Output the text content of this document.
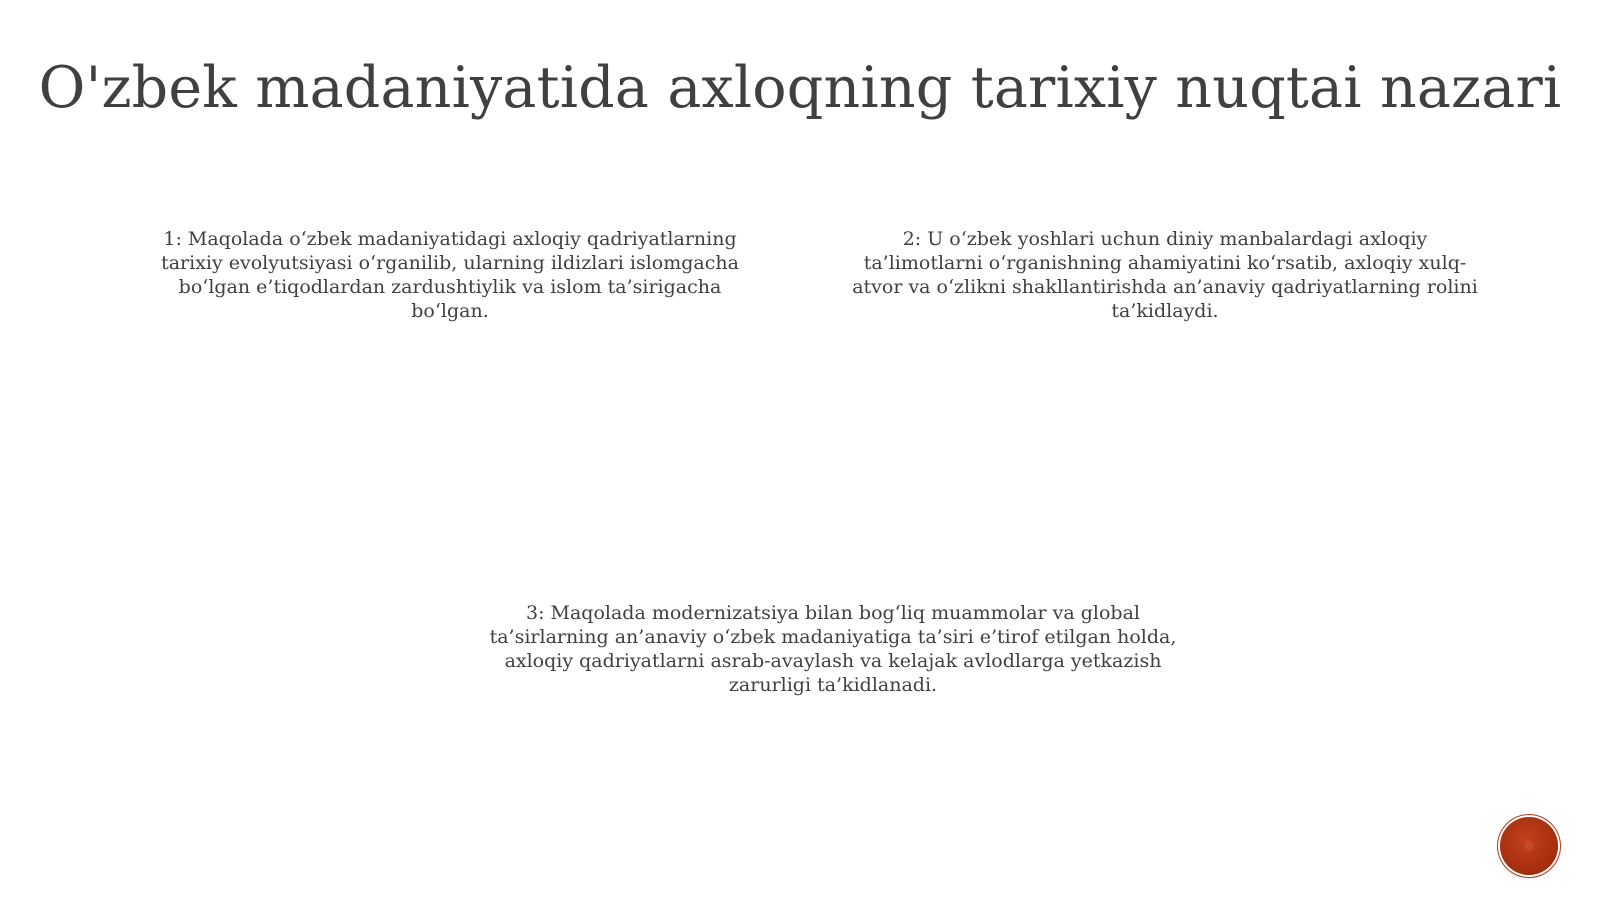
O'zbek madaniyatida axloqning tarixiy nuqtai nazari
1: Maqolada o‘zbek madaniyatidagi axloqiy qadriyatlarning tarixiy evolyutsiyasi o‘rganilib, ularning ildizlari islomgacha bo‘lgan e’tiqodlardan zardushtiylik va islom ta’sirigacha bo‘lgan.
2: U o‘zbek yoshlari uchun diniy manbalardagi axloqiy ta’limotlarni o‘rganishning ahamiyatini ko‘rsatib, axloqiy xulq-atvor va o‘zlikni shakllantirishda an’anaviy qadriyatlarning rolini ta’kidlaydi.
3: Maqolada modernizatsiya bilan bog‘liq muammolar va global ta’sirlarning an’anaviy o‘zbek madaniyatiga ta’siri e’tirof etilgan holda, axloqiy qadriyatlarni asrab-avaylash va kelajak avlodlarga yetkazish zarurligi ta’kidlanadi.
